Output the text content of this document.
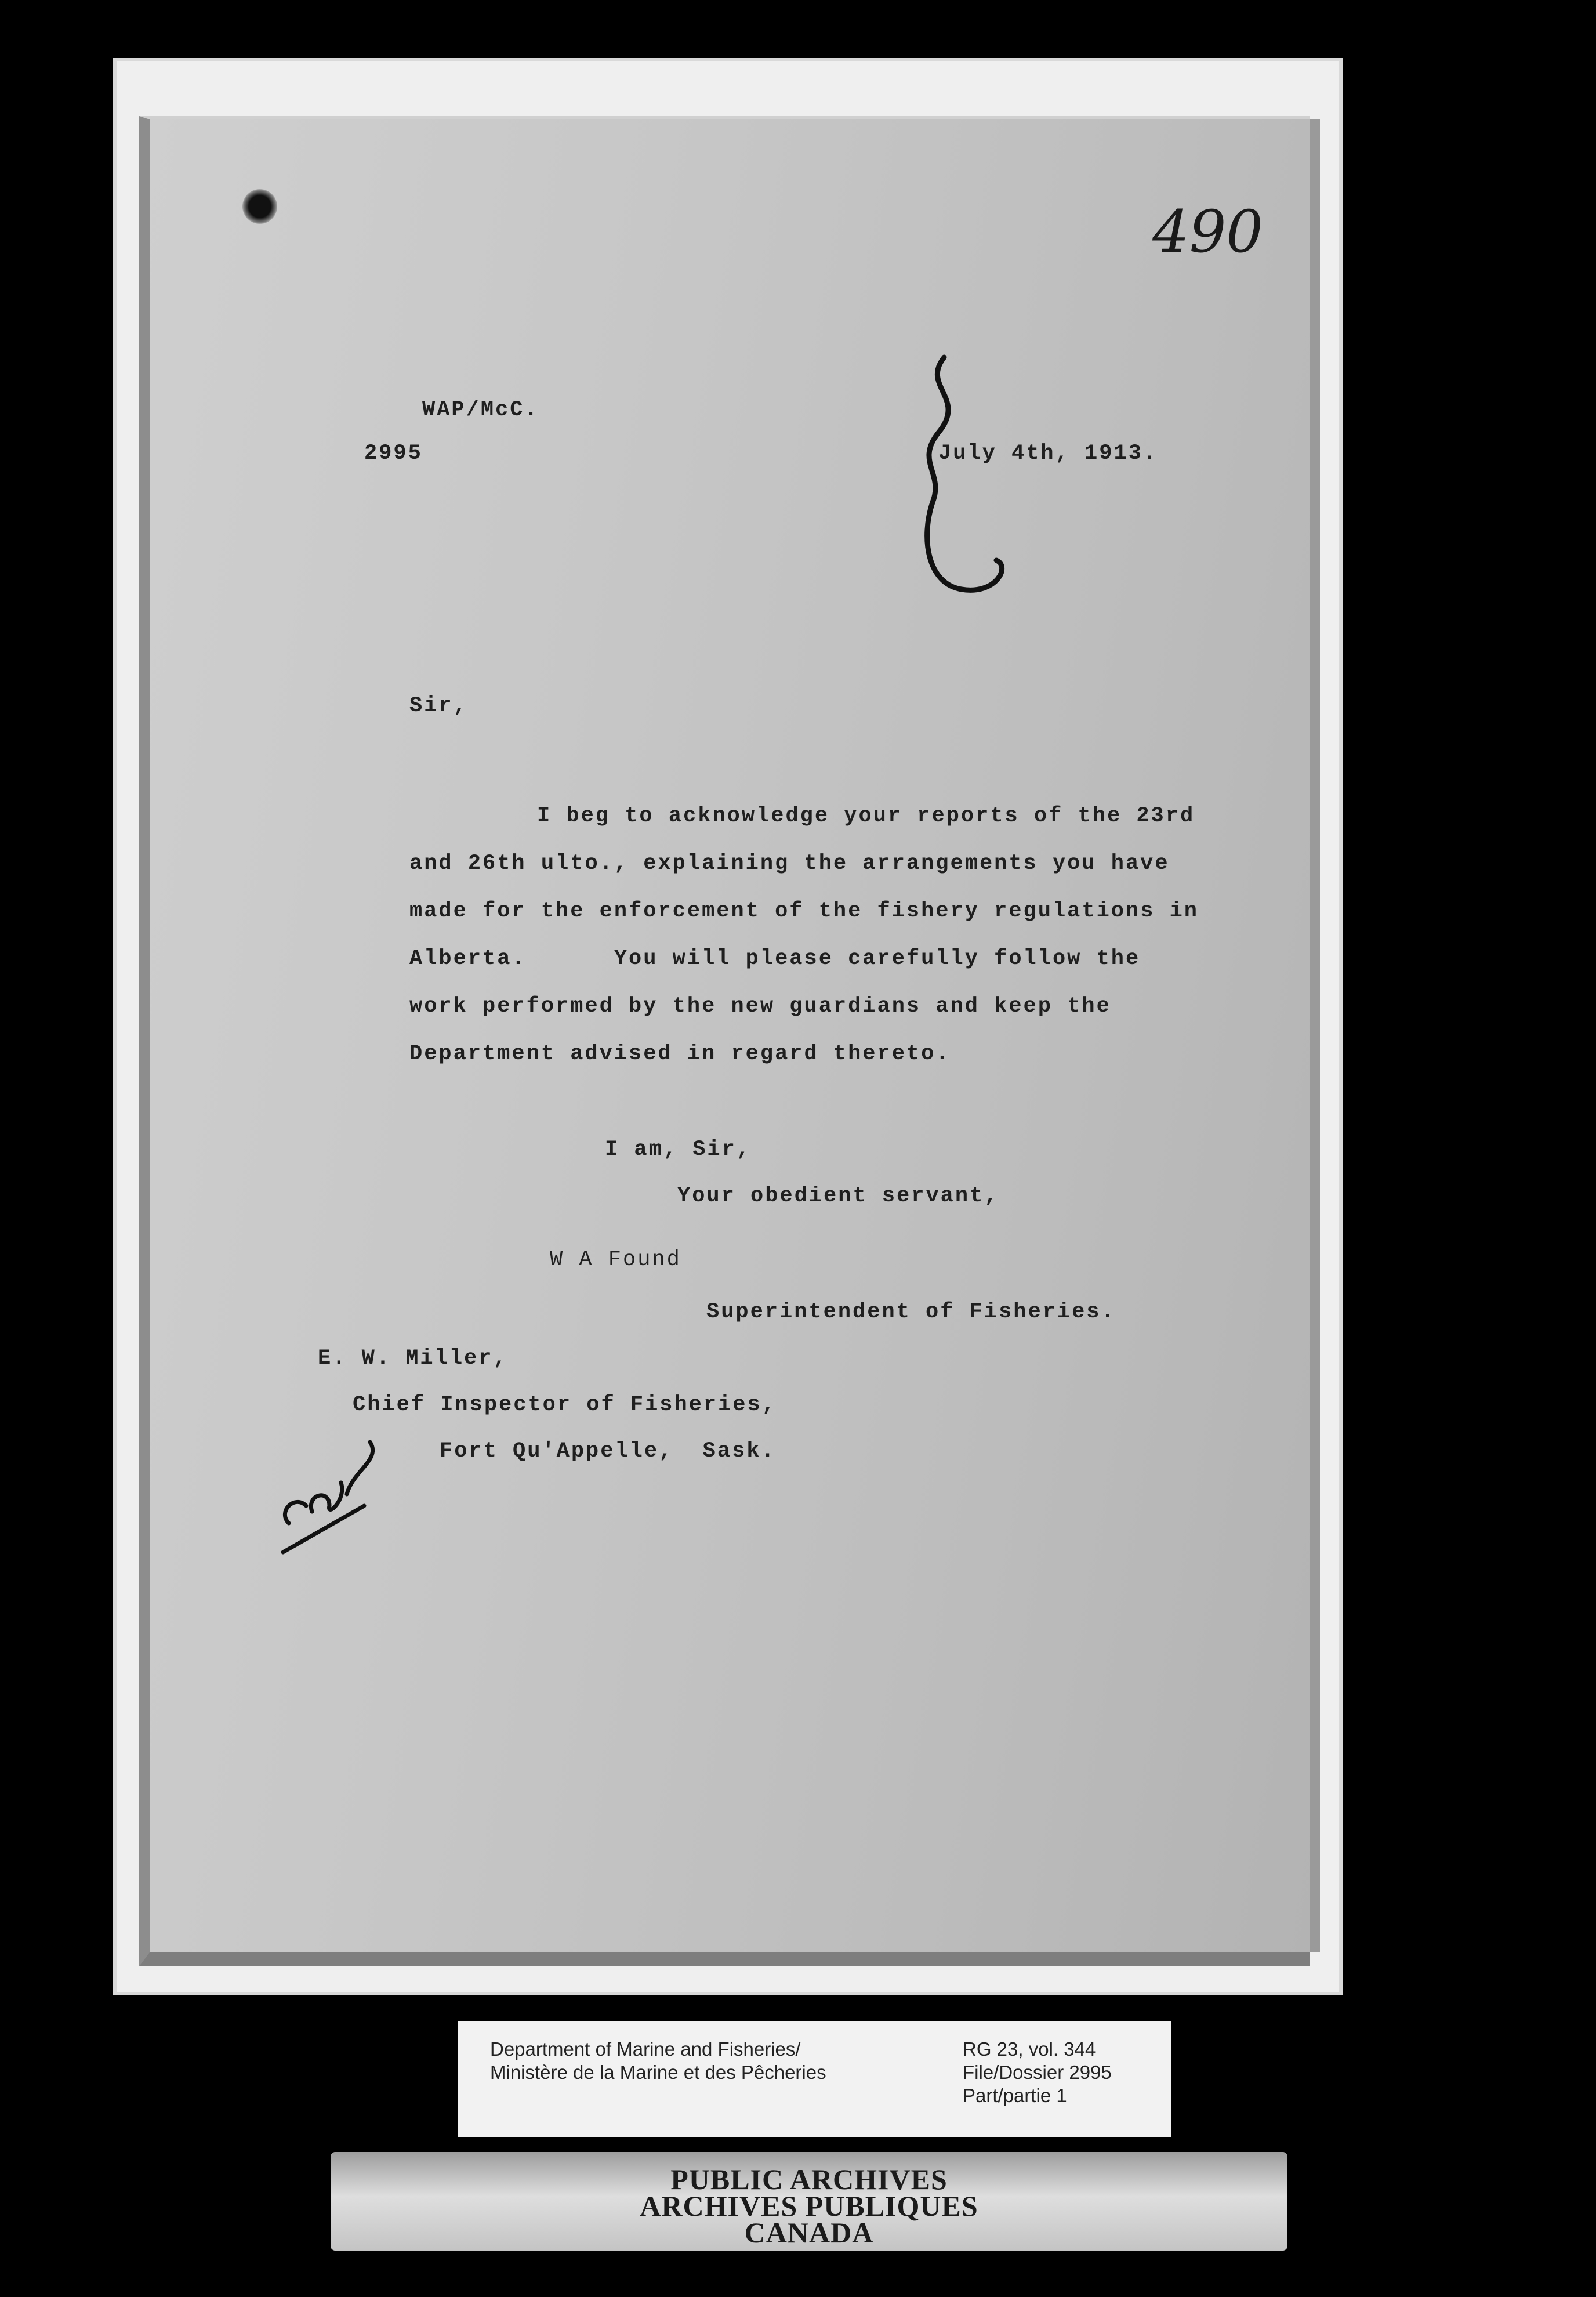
490
WAP/McC.
2995	July 4th, 1913.
Sir,
I beg to acknowledge your reports of the 23rd
and 26th ulto., explaining the arrangements you have
made for the enforcement of the fishery regulations in
Alberta.      You will please carefully follow the
work performed by the new guardians and keep the
Department advised in regard thereto.
I am, Sir,
Your obedient servant,
W A Found
Superintendent of Fisheries.
E. W. Miller,
Chief Inspector of Fisheries,
Fort Qu'Appelle,  Sask.
Department of Marine and Fisheries/
Ministère de la Marine et des Pêcheries
RG 23, vol. 344
File/Dossier 2995
Part/partie 1
PUBLIC ARCHIVES
ARCHIVES PUBLIQUES
CANADA
